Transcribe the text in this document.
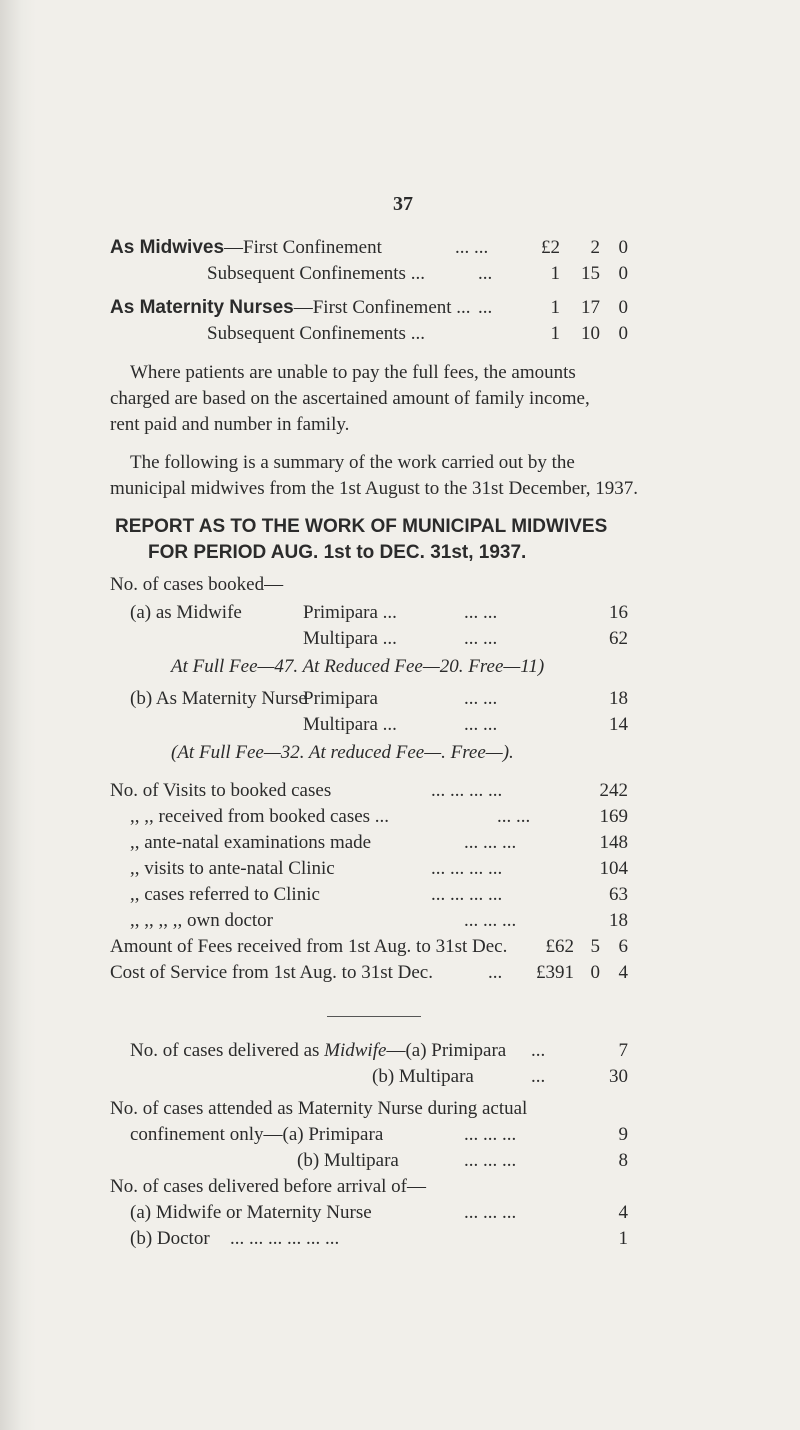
37
As Midwives—First Confinement	... ...	£2	2 0
Subsequent Confinements ...	...	1	15 0
As Maternity Nurses—First Confinement ... ...	1	17 0
Subsequent Confinements ...	1	10 0
Where patients are unable to pay the full fees, the amounts
charged are based on the ascertained amount of family income,
rent paid and number in family.
The following is a summary of the work carried out by the
municipal midwives from the 1st August to the 31st December, 1937.
REPORT AS TO THE WORK OF MUNICIPAL MIDWIVES
FOR PERIOD AUG. 1st to DEC. 31st, 1937.
No. of cases booked—
(a) as Midwife	Primipara ...	... ...	16
Multipara ...	... ...	62
At Full Fee—47. At Reduced Fee—20. Free—11)
(b) As Maternity Nurse
Primipara	... ...	18
Multipara ...	... ...	14
(At Full Fee—32. At reduced Fee—. Free—).
No. of Visits to booked cases	... ... ... ...	242
,, ,, received from booked cases ...	... ...	169
,, ante-natal examinations made	... ... ...	148
,, visits to ante-natal Clinic	... ... ... ...	104
,, cases referred to Clinic	... ... ... ...	63
,, ,, ,, ,, own doctor	... ... ...	18
Amount of Fees received from 1st Aug. to 31st Dec.	£62 5 6
Cost of Service from 1st Aug. to 31st Dec.	...	£391 0 4
No. of cases delivered as Midwife—(a) Primipara ...	7
(b) Multipara	...	30
No. of cases attended as Maternity Nurse during actual
confinement only—(a) Primipara	... ... ...	9
(b) Multipara	... ... ...	8
No. of cases delivered before arrival of—
(a) Midwife or Maternity Nurse	... ... ...	4
(b) Doctor ... ... ... ... ... ...	1
